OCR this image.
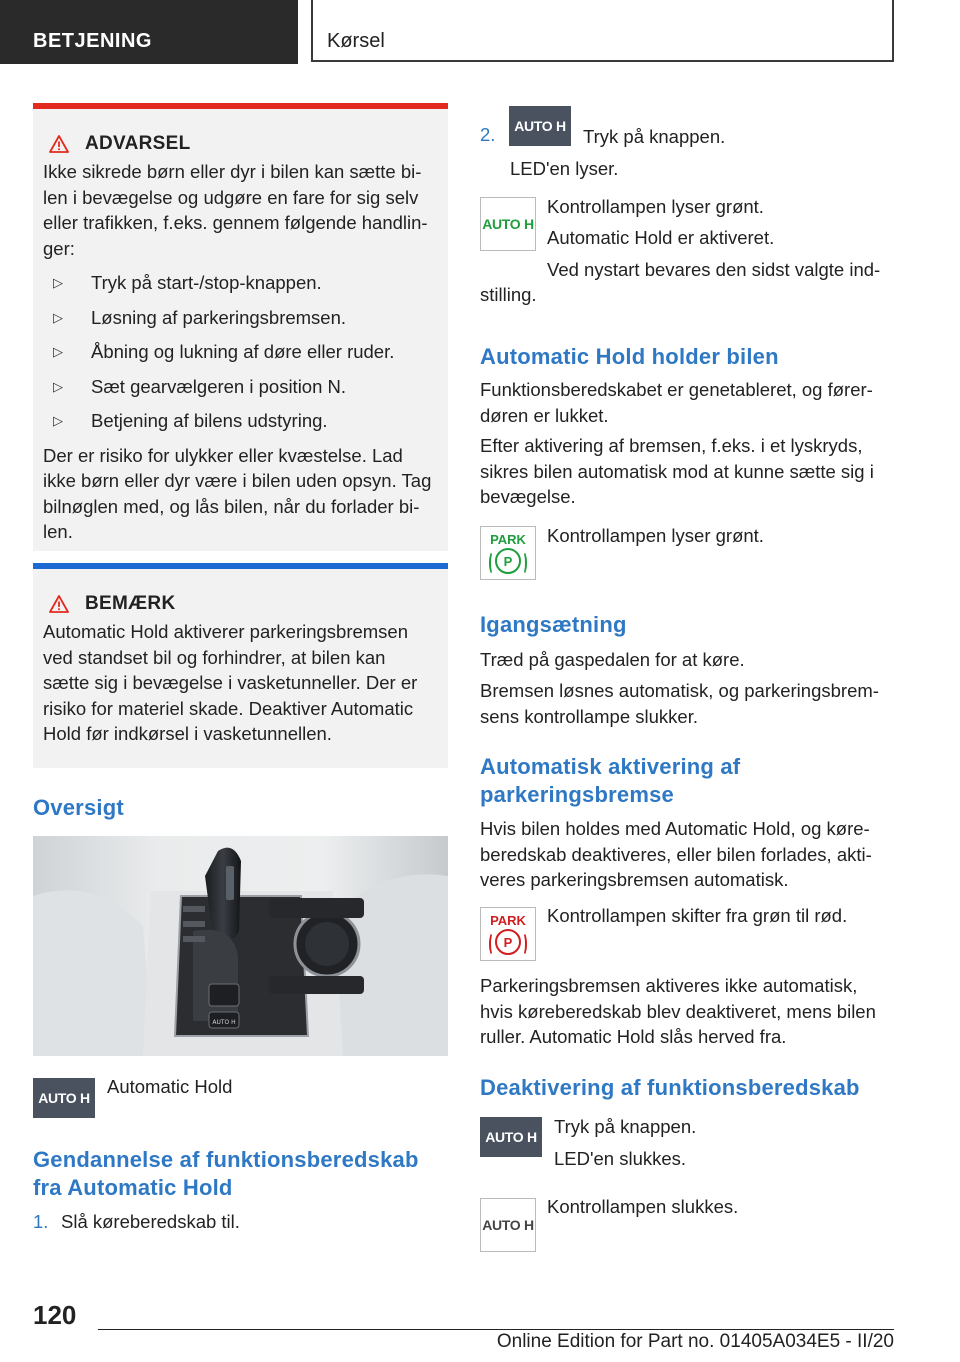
BETJENING	Kørsel
ADVARSEL

Ikke sikrede børn eller dyr i bilen kan sætte bi-
len i bevægelse og udgøre en fare for sig selv
eller trafikken, f.eks. gennem følgende handlin-
ger:

▷	Tryk på start-/stop-knappen.
▷	Løsning af parkeringsbremsen.
▷	Åbning og lukning af døre eller ruder.
▷	Sæt gearvælgeren i position N.
▷	Betjening af bilens udstyring.

Der er risiko for ulykker eller kvæstelse. Lad
ikke børn eller dyr være i bilen uden opsyn. Tag
bilnøglen med, og lås bilen, når du forlader bi-
len.

BEMÆRK

Automatic Hold aktiverer parkeringsbremsen
ved standset bil og forhindrer, at bilen kan
sætte sig i bevægelse i vasketunneller. Der er
risiko for materiel skade. Deaktiver Automatic
Hold før indkørsel i vasketunnellen.

Oversigt
AUTO H
AUTO H

Automatic Hold

Gendannelse af funktionsberedskab
fra Automatic Hold

1. Slå køreberedskab til.

2.	AUTO H Tryk på knappen.

LED'en lyser.

AUTO H

Kontrollampen lyser grønt.

Automatic Hold er aktiveret.

Ved nystart bevares den sidst valgte ind-

stilling.

Automatic Hold holder bilen

Funktionsberedskabet er genetableret, og fører-
døren er lukket.

Efter aktivering af bremsen, f.eks. i et lyskryds,
sikres bilen automatisk mod at kunne sætte sig i
bevægelse.

PARK
P

Kontrollampen lyser grønt.

Igangsætning

Træd på gaspedalen for at køre.

Bremsen løsnes automatisk, og parkeringsbrem-
sens kontrollampe slukker.

Automatisk aktivering af
parkeringsbremse

Hvis bilen holdes med Automatic Hold, og køre-
beredskab deaktiveres, eller bilen forlades, akti-
veres parkeringsbremsen automatisk.

PARK
P

Kontrollampen skifter fra grøn til rød.

Parkeringsbremsen aktiveres ikke automatisk,
hvis køreberedskab blev deaktiveret, mens bilen
ruller. Automatic Hold slås herved fra.

Deaktivering af funktionsberedskab
AUTO H Tryk på knappen.

LED'en slukkes.

AUTO H

Kontrollampen slukkes.

120
Online Edition for Part no. 01405A034E5 - II/20
